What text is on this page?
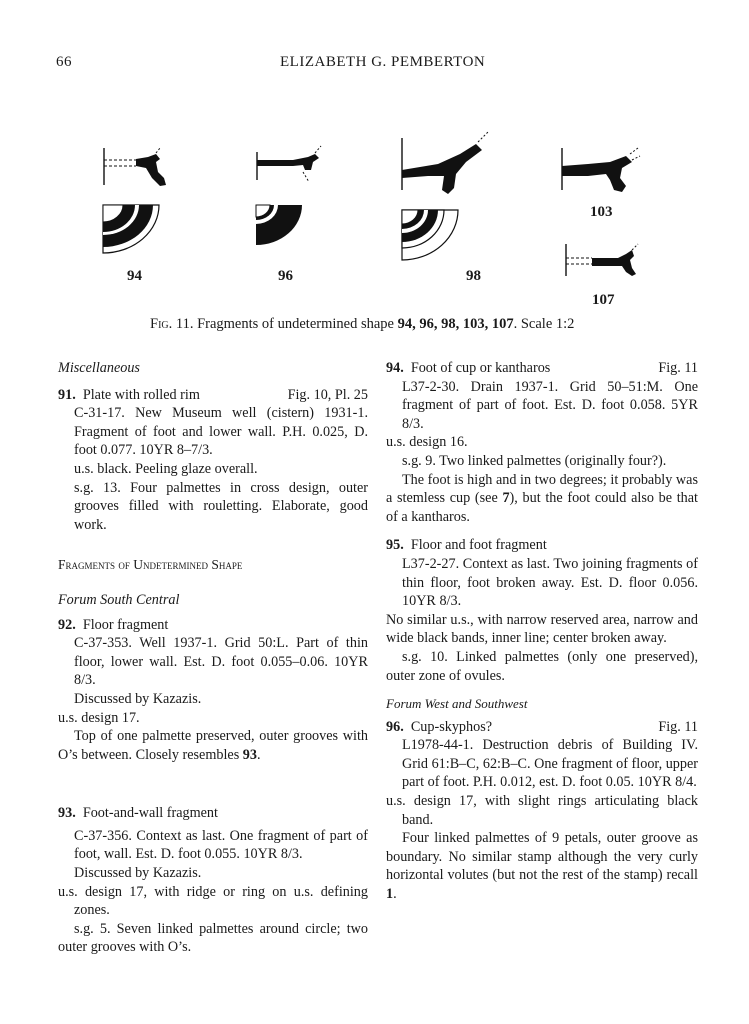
66	ELIZABETH G. PEMBERTON
94	96	98
103
107
Fig. 11. Fragments of undetermined shape 94, 96, 98, 103, 107. Scale 1:2

Miscellaneous

91. Plate with rolled rim	Fig. 10, Pl. 25

C-31-17. New Museum well (cistern) 1931-1. Fragment of foot and lower wall. P.H. 0.025, D. foot 0.077. 10YR 8–7/3.

u.s. black. Peeling glaze overall.

s.g. 13. Four palmettes in cross design, outer grooves filled with rouletting. Elaborate, good work.

Fragments of Undetermined Shape

Forum South Central

92. Floor fragment

C-37-353. Well 1937-1. Grid 50:L. Part of thin floor, lower wall. Est. D. foot 0.055–0.06. 10YR 8/3.

Discussed by Kazazis.

u.s. design 17.

Top of one palmette preserved, outer grooves with O’s between. Closely resembles 93.

93. Foot-and-wall fragment

C-37-356. Context as last. One fragment of part of foot, wall. Est. D. foot 0.055. 10YR 8/3.

Discussed by Kazazis.

u.s. design 17, with ridge or ring on u.s. defining zones.

s.g. 5. Seven linked palmettes around circle; two outer grooves with O’s.

94. Foot of cup or kantharos	Fig. 11

L37-2-30. Drain 1937-1. Grid 50–51:M. One fragment of part of foot. Est. D. foot 0.058. 5YR 8/3.

u.s. design 16.

s.g. 9. Two linked palmettes (originally four?).

The foot is high and in two degrees; it probably was a stemless cup (see 7), but the foot could also be that of a kantharos.

95. Floor and foot fragment

L37-2-27. Context as last. Two joining fragments of thin floor, foot broken away. Est. D. floor 0.056. 10YR 8/3.

No similar u.s., with narrow reserved area, narrow and wide black bands, inner line; center broken away.

s.g. 10. Linked palmettes (only one preserved), outer zone of ovules.

Forum West and Southwest

96. Cup-skyphos?	Fig. 11

L1978-44-1. Destruction debris of Building IV. Grid 61:B–C, 62:B–C. One fragment of floor, upper part of foot. P.H. 0.012, est. D. foot 0.05. 10YR 8/4.

u.s. design 17, with slight rings articulating black band.

Four linked palmettes of 9 petals, outer groove as boundary. No similar stamp although the very curly horizontal volutes (but not the rest of the stamp) recall 1.
